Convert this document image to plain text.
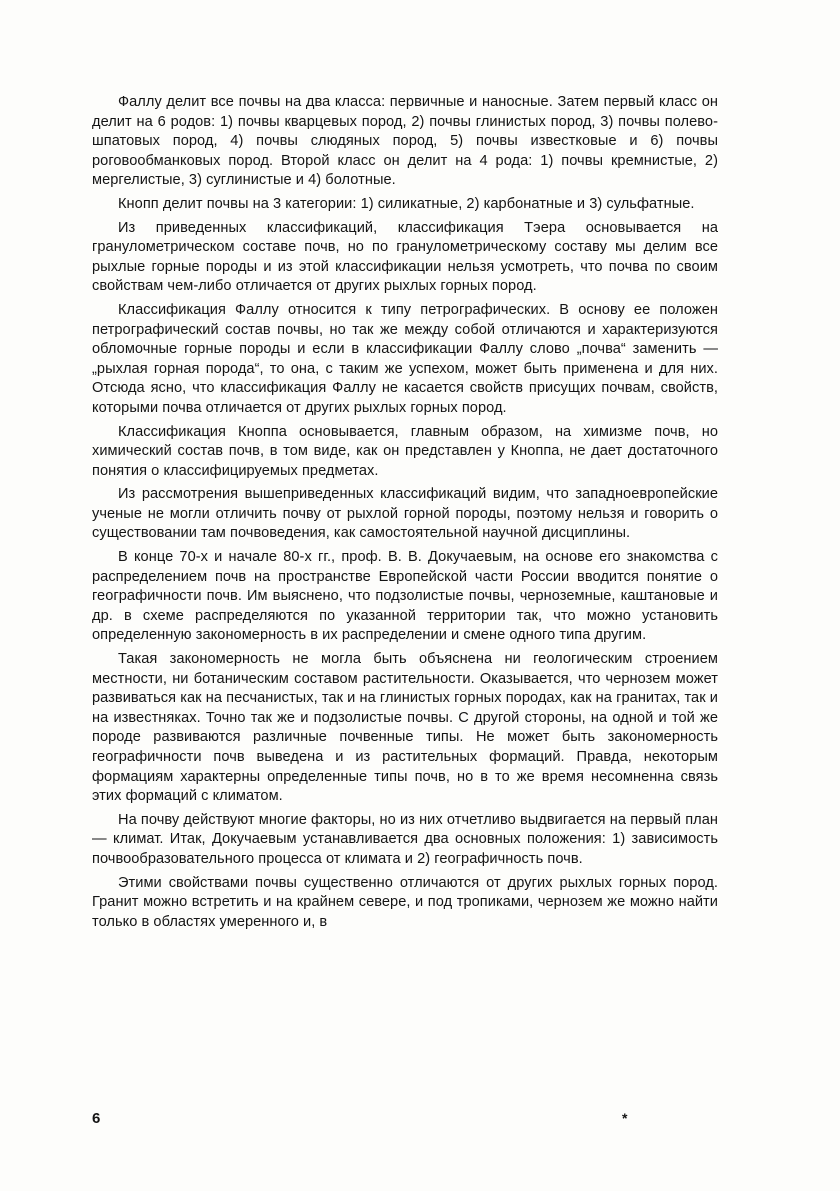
Фаллу делит все почвы на два класса: первичные и наносные. Затем первый класс он делит на 6 родов: 1) почвы кварцевых пород, 2) почвы глинистых пород, 3) почвы полево-шпатовых пород, 4) почвы слюдяных пород, 5) почвы известковые и 6) почвы роговообманковых пород. Второй класс он делит на 4 рода: 1) почвы кремнистые, 2) мергелистые, 3) суглинистые и 4) болотные.

Кнопп делит почвы на 3 категории: 1) силикатные, 2) карбонатные и 3) сульфатные.

Из приведенных классификаций, классификация Тэера основывается на гранулометрическом составе почв, но по гранулометрическому составу мы делим все рыхлые горные породы и из этой классификации нельзя усмотреть, что почва по своим свойствам чем-либо отличается от других рыхлых горных пород.

Классификация Фаллу относится к типу петрографических. В основу ее положен петрографический состав почвы, но так же между собой отличаются и характеризуются обломочные горные породы и если в классификации Фаллу слово „почва“ заменить — „рыхлая горная порода“, то она, с таким же успехом, может быть применена и для них. Отсюда ясно, что классификация Фаллу не касается свойств присущих почвам, свойств, которыми почва отличается от других рыхлых горных пород.

Классификация Кноппа основывается, главным образом, на химизме почв, но химический состав почв, в том виде, как он представлен у Кноппа, не дает достаточного понятия о классифицируемых предметах.

Из рассмотрения вышеприведенных классификаций видим, что западноевропейские ученые не могли отличить почву от рыхлой горной породы, поэтому нельзя и говорить о существовании там почвоведения, как самостоятельной научной дисциплины.

В конце 70-х и начале 80-х гг., проф. В. В. Докучаевым, на основе его знакомства с распределением почв на пространстве Европейской части России вводится понятие о географичности почв. Им выяснено, что подзолистые почвы, черноземные, каштановые и др. в схеме распределяются по указанной территории так, что можно установить определенную закономерность в их распределении и смене одного типа другим.

Такая закономерность не могла быть объяснена ни геологическим строением местности, ни ботаническим составом растительности. Оказывается, что чернозем может развиваться как на песчанистых, так и на глинистых горных породах, как на гранитах, так и на известняках. Точно так же и подзолистые почвы. С другой стороны, на одной и той же породе развиваются различные почвенные типы. Не может быть закономерность географичности почв выведена и из растительных формаций. Правда, некоторым формациям характерны определенные типы почв, но в то же время несомненна связь этих формаций с климатом.

На почву действуют многие факторы, но из них отчетливо выдвигается на первый план — климат. Итак, Докучаевым устанавливается два основных положения: 1) зависимость почвообразовательного процесса от климата и 2) географичность почв.

Этими свойствами почвы существенно отличаются от других рыхлых горных пород. Гранит можно встретить и на крайнем севере, и под тропиками, чернозем же можно найти только в областях умеренного и, в

6	*
